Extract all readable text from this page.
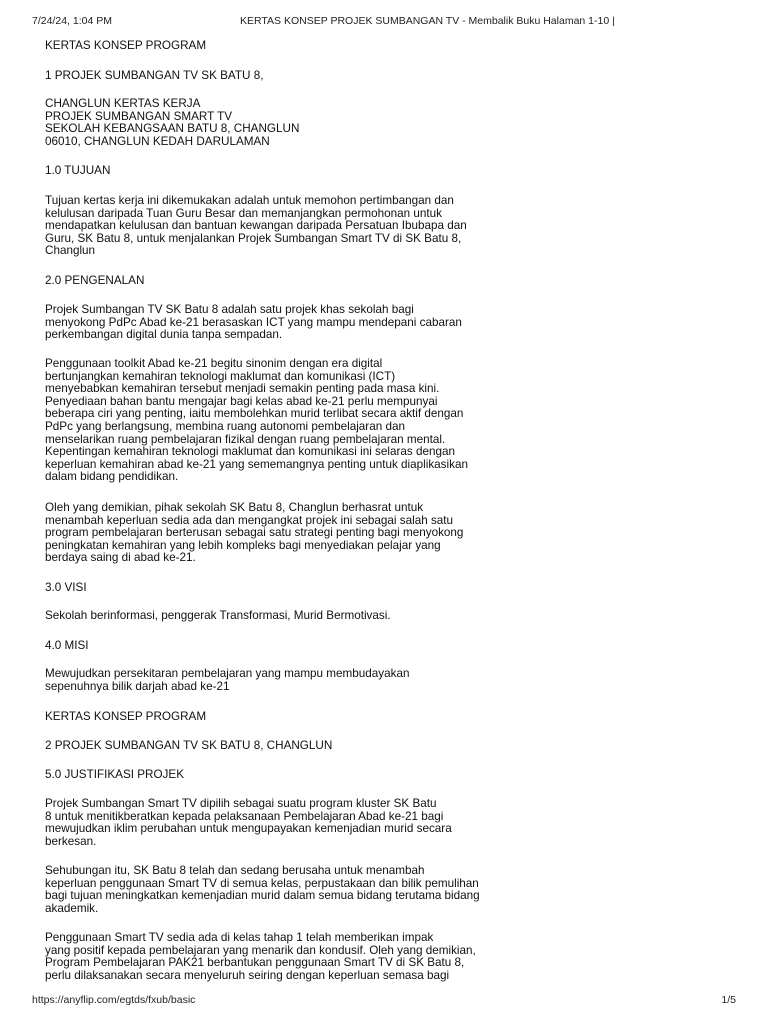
7/24/24, 1:04 PM	KERTAS KONSEP PROJEK SUMBANGAN TV - Membalik Buku Halaman 1-10 |

KERTAS KONSEP PROGRAM

1 PROJEK SUMBANGAN TV SK BATU 8,

CHANGLUN KERTAS KERJA
PROJEK SUMBANGAN SMART TV
SEKOLAH KEBANGSAAN BATU 8, CHANGLUN
06010, CHANGLUN KEDAH DARULAMAN

1.0 TUJUAN

Tujuan kertas kerja ini dikemukakan adalah untuk memohon pertimbangan dan
kelulusan daripada Tuan Guru Besar dan memanjangkan permohonan untuk
mendapatkan kelulusan dan bantuan kewangan daripada Persatuan Ibubapa dan
Guru, SK Batu 8, untuk menjalankan Projek Sumbangan Smart TV di SK Batu 8,
Changlun

2.0 PENGENALAN

Projek Sumbangan TV SK Batu 8 adalah satu projek khas sekolah bagi
menyokong PdPc Abad ke-21 berasaskan ICT yang mampu mendepani cabaran
perkembangan digital dunia tanpa sempadan.

Penggunaan toolkit Abad ke-21 begitu sinonim dengan era digital
bertunjangkan kemahiran teknologi maklumat dan komunikasi (ICT)
menyebabkan kemahiran tersebut menjadi semakin penting pada masa kini.
Penyediaan bahan bantu mengajar bagi kelas abad ke-21 perlu mempunyai
beberapa ciri yang penting, iaitu membolehkan murid terlibat secara aktif dengan
PdPc yang berlangsung, membina ruang autonomi pembelajaran dan
menselarikan ruang pembelajaran fizikal dengan ruang pembelajaran mental.
Kepentingan kemahiran teknologi maklumat dan komunikasi ini selaras dengan
keperluan kemahiran abad ke-21 yang sememangnya penting untuk diaplikasikan
dalam bidang pendidikan.

Oleh yang demikian, pihak sekolah SK Batu 8, Changlun berhasrat untuk
menambah keperluan sedia ada dan mengangkat projek ini sebagai salah satu
program pembelajaran berterusan sebagai satu strategi penting bagi menyokong
peningkatan kemahiran yang lebih kompleks bagi menyediakan pelajar yang
berdaya saing di abad ke-21.

3.0 VISI

Sekolah berinformasi, penggerak Transformasi, Murid Bermotivasi.

4.0 MISI

Mewujudkan persekitaran pembelajaran yang mampu membudayakan
sepenuhnya bilik darjah abad ke-21

KERTAS KONSEP PROGRAM

2 PROJEK SUMBANGAN TV SK BATU 8, CHANGLUN

5.0 JUSTIFIKASI PROJEK

Projek Sumbangan Smart TV dipilih sebagai suatu program kluster SK Batu
8 untuk menitikberatkan kepada pelaksanaan Pembelajaran Abad ke-21 bagi
mewujudkan iklim perubahan untuk mengupayakan kemenjadian murid secara
berkesan.

Sehubungan itu, SK Batu 8 telah dan sedang berusaha untuk menambah
keperluan penggunaan Smart TV di semua kelas, perpustakaan dan bilik pemulihan
bagi tujuan meningkatkan kemenjadian murid dalam semua bidang terutama bidang
akademik.

Penggunaan Smart TV sedia ada di kelas tahap 1 telah memberikan impak
yang positif kepada pembelajaran yang menarik dan kondusif. Oleh yang demikian,
Program Pembelajaran PAK21 berbantukan penggunaan Smart TV di SK Batu 8,
perlu dilaksanakan secara menyeluruh seiring dengan keperluan semasa bagi

https://anyflip.com/egtds/fxub/basic	1/5
